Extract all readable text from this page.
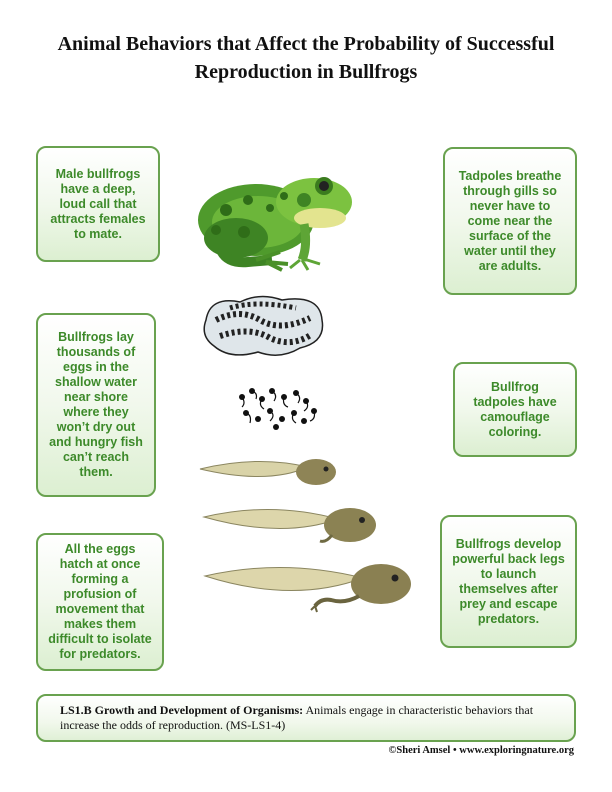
Animal Behaviors that Affect the Probability of Successful
Reproduction in Bullfrogs
Male bullfrogs have a deep, loud call that attracts females to mate.
Bullfrogs lay thousands of eggs in the shallow water near shore where they won’t dry out and hungry fish can’t reach them.
All the eggs hatch at once forming a profusion of movement that makes them difficult to isolate for predators.
Tadpoles breathe through gills so never have to come near the surface of the water until they are adults.
Bullfrog tadpoles have camouflage coloring.
Bullfrogs develop powerful back legs to launch themselves after prey and escape predators.
LS1.B Growth and Development of Organisms: Animals engage in characteristic behaviors that increase the odds of reproduction. (MS-LS1-4)
©Sheri Amsel • www.exploringnature.org
